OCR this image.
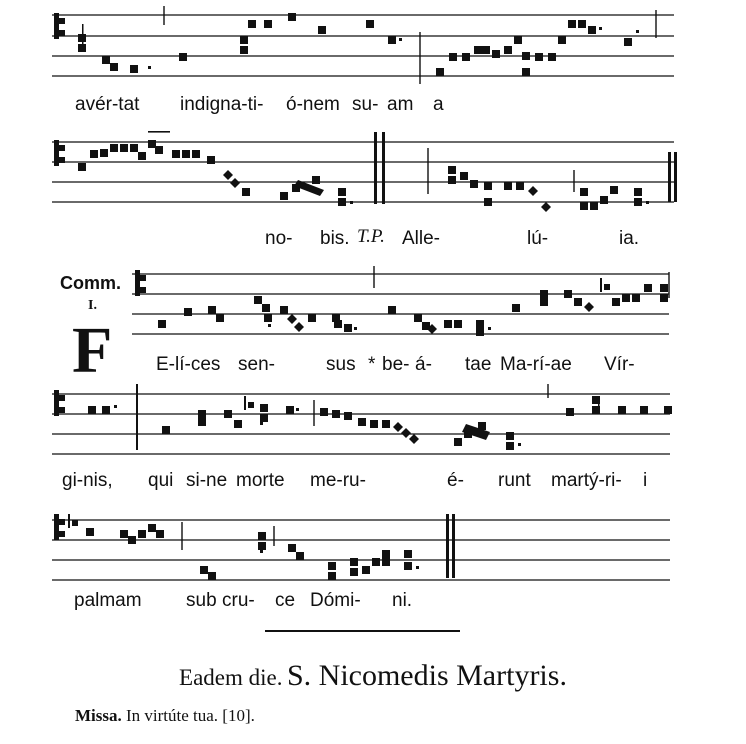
avér-tat indigna-ti- ó-nem su- am a
no- bis. T.P. Alle-	lú-	ia.
Comm.
I.
F E-lí-ces sen-	sus * be- á- tae Ma-rí-ae Vír-
gi-nis, qui si-ne morte me-ru-	é- runt martý-ri- i
palmam sub cru- ce Dómi- ni.
Eadem die. S. Nicomedis Martyris.
Missa. In virtúte tua. [10].
